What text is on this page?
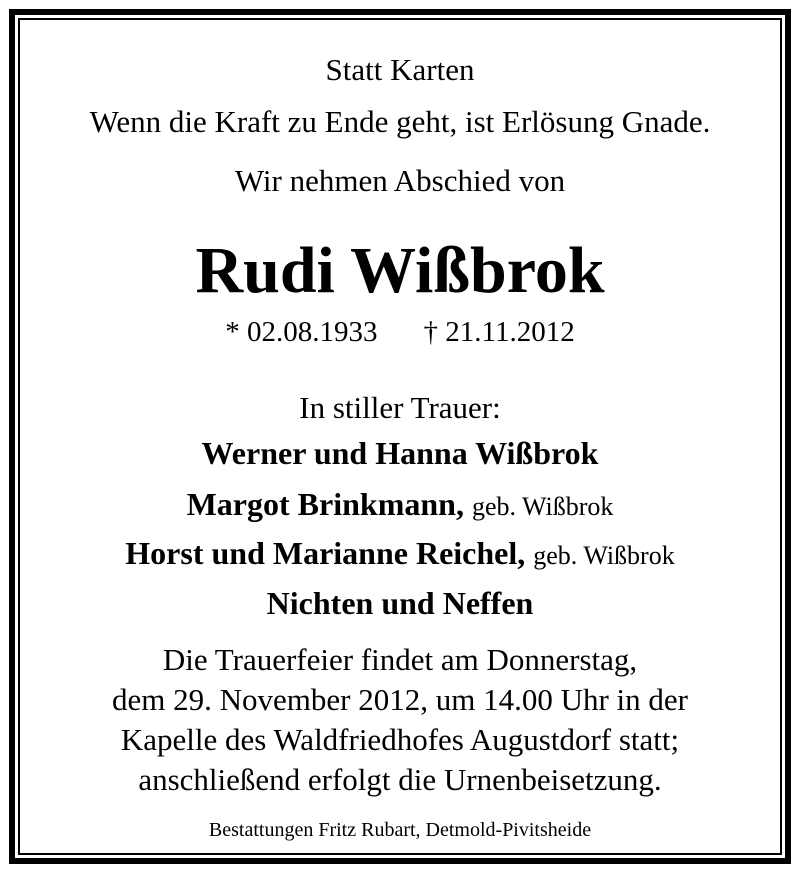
Statt Karten
Wenn die Kraft zu Ende geht, ist Erlösung Gnade.
Wir nehmen Abschied von
Rudi Wißbrok
* 02.08.1933 † 21.11.2012
In stiller Trauer:
Werner und Hanna Wißbrok
Margot Brinkmann, geb. Wißbrok
Horst und Marianne Reichel, geb. Wißbrok
Nichten und Neffen
Die Trauerfeier findet am Donnerstag,
dem 29. November 2012, um 14.00 Uhr in der
Kapelle des Waldfriedhofes Augustdorf statt;
anschließend erfolgt die Urnenbeisetzung.
Bestattungen Fritz Rubart, Detmold-Pivitsheide
